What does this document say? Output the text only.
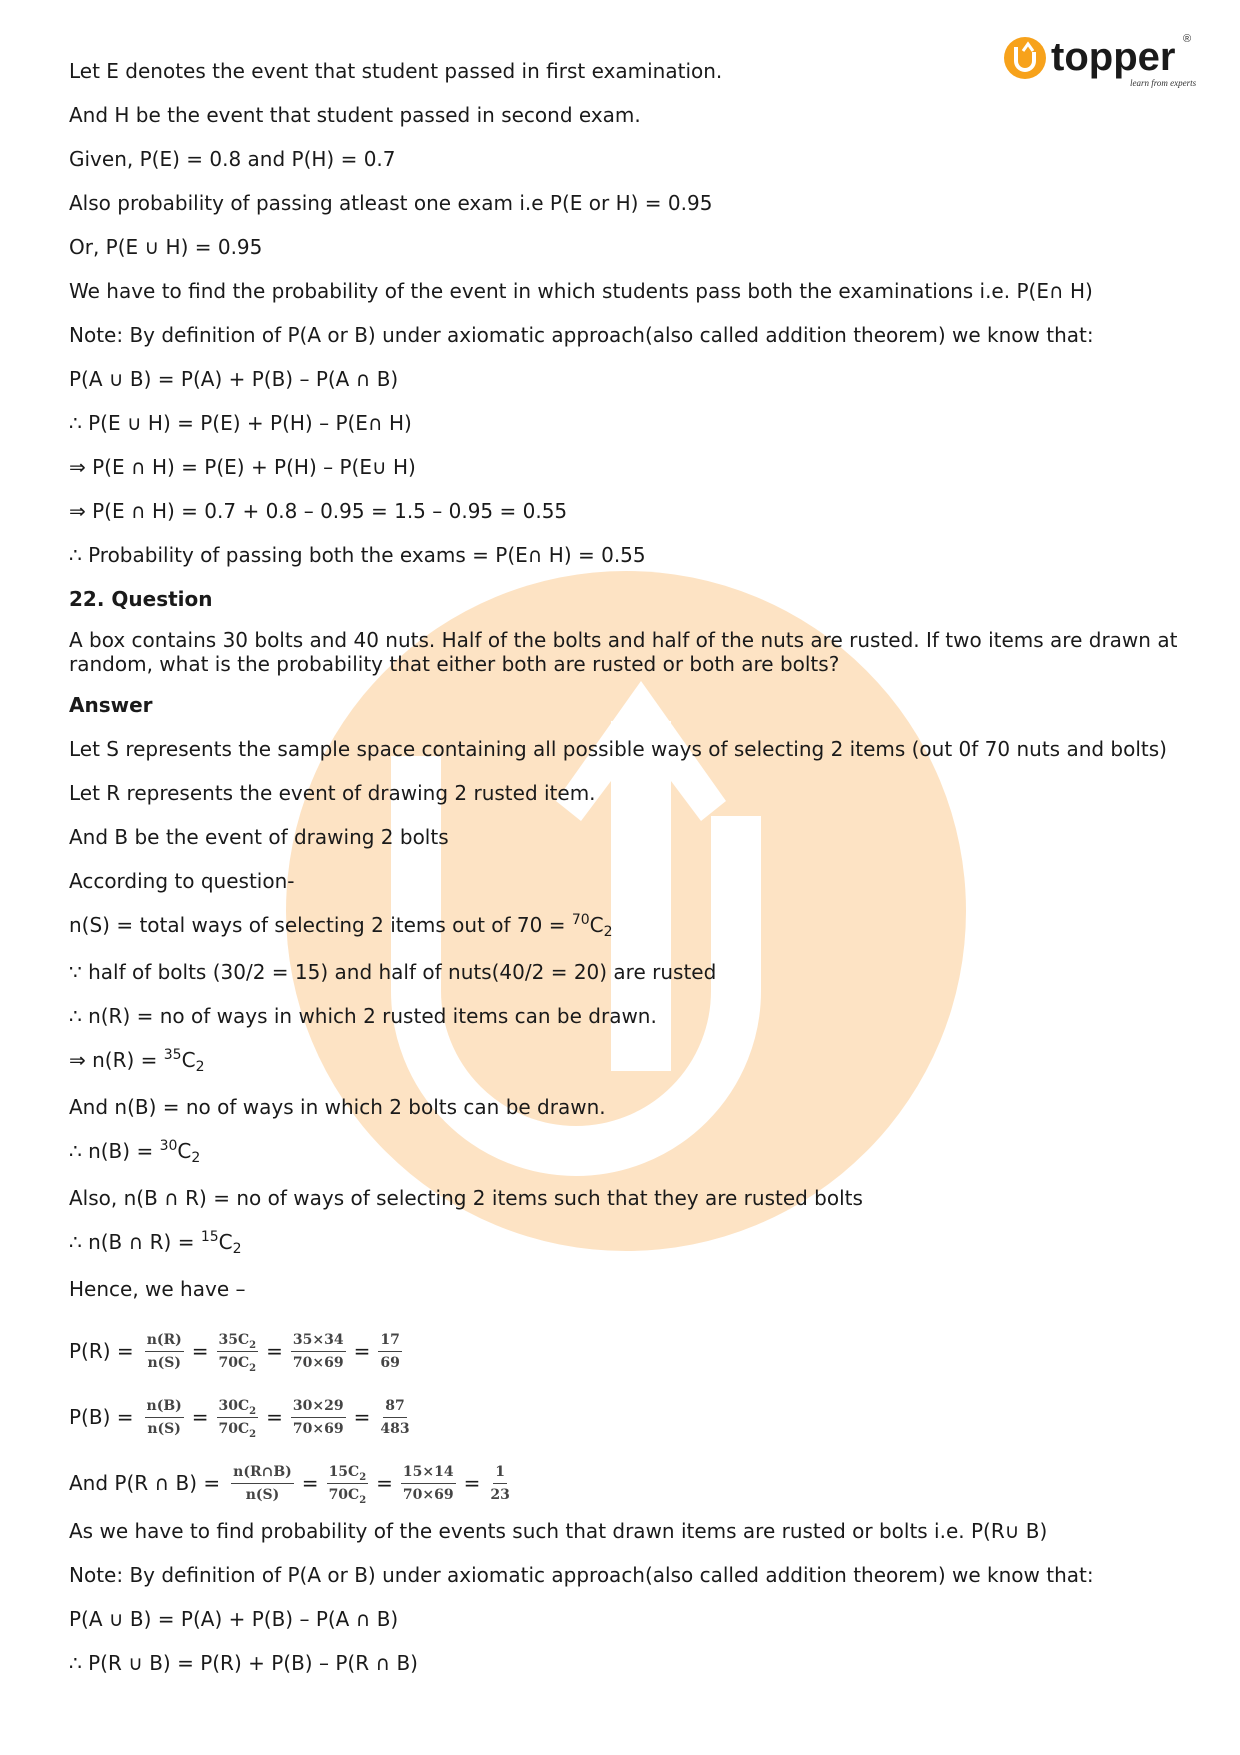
topper
learn from experts
®

Let E denotes the event that student passed in first examination.

And H be the event that student passed in second exam.

Given, P(E) = 0.8 and P(H) = 0.7

Also probability of passing atleast one exam i.e P(E or H) = 0.95

Or, P(E ∪ H) = 0.95

We have to find the probability of the event in which students pass both the examinations i.e. P(E∩ H)

Note: By definition of P(A or B) under axiomatic approach(also called addition theorem) we know that:

P(A ∪ B) = P(A) + P(B) – P(A ∩ B)

∴ P(E ∪ H) = P(E) + P(H) – P(E∩ H)

⇒ P(E ∩ H) = P(E) + P(H) – P(E∪ H)

⇒ P(E ∩ H) = 0.7 + 0.8 – 0.95 = 1.5 – 0.95 = 0.55

∴ Probability of passing both the exams = P(E∩ H) = 0.55

22. Question

A box contains 30 bolts and 40 nuts. Half of the bolts and half of the nuts are rusted. If two items are drawn at random, what is the probability that either both are rusted or both are bolts?

Answer

Let S represents the sample space containing all possible ways of selecting 2 items (out 0f 70 nuts and bolts)

Let R represents the event of drawing 2 rusted item.

And B be the event of drawing 2 bolts

According to question-

n(S) = total ways of selecting 2 items out of $70 = ^{70}C_2$

∵ half of bolts (30/2 = 15) and half of nuts(40/2 = 20) are rusted

∴ n(R) = no of ways in which 2 rusted items can be drawn.

⇒ $n(R) = ^{35}C_2$

And n(B) = no of ways in which 2 bolts can be drawn.

∴ $n(B) = ^{30}C_2$

Also, n(B ∩ R) = no of ways of selecting 2 items such that they are rusted bolts

∴ n(B ∩ $R) = ^{15}C_2$

Hence, we have –

$P(R) = \frac{n(R)}{n(S)} = \frac{35C_2}{70C_2} = \frac{35\times 34}{70\times 69} = \frac{17}{69}$
$P(B) = \frac{n(B)}{n(S)} = \frac{30C_2}{70C_2} = \frac{30\times 29}{70\times 69} = \frac{87}{483}$
And P(R ∩ $B) = \frac{n(R\cap B)}{n(S)} = \frac{15C_2}{70C_2} = \frac{15\times 14}{70\times 69} = \frac{1}{23}$

As we have to find probability of the events such that drawn items are rusted or bolts i.e. P(R∪ B)

Note: By definition of P(A or B) under axiomatic approach(also called addition theorem) we know that:

P(A ∪ B) = P(A) + P(B) – P(A ∩ B)

∴ P(R ∪ B) = P(R) + P(B) – P(R ∩ B)
